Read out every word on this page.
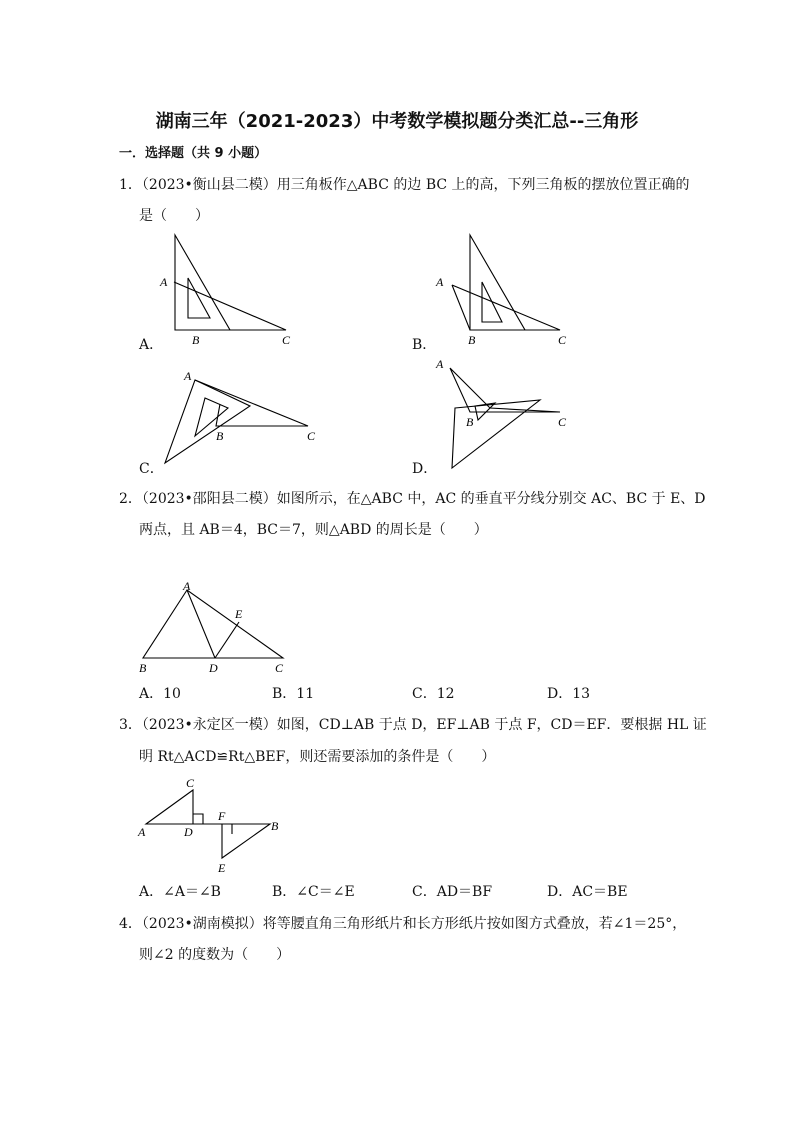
湖南三年（2021-2023）中考数学模拟题分类汇总--三角形
一．选择题（共 9 小题）
1．（2023•衡山县二模）用三角板作△ABC 的边 BC 上的高，下列三角板的摆放位置正确的
是（　　）
A
B	C
A．
A
B	C
B．
A
B	C
C．
A
B	C
D．
2．（2023•邵阳县二模）如图所示，在△ABC 中，AC 的垂直平分线分别交 AC、BC 于 E、D
两点，且 AB＝4，BC＝7，则△ABD 的周长是（　　）
A
B	C
D
E
A．10	B．11	C．12	D．13
3．（2023•永定区一模）如图，CD⊥AB 于点 D，EF⊥AB 于点 F，CD＝EF．要根据 HL 证
明 Rt△ACD≌Rt△BEF，则还需要添加的条件是（　　）
C
A	D
F
B
E
A．∠A＝∠B	B．∠C＝∠E	C．AD＝BF	D．AC＝BE
4．（2023•湖南模拟）将等腰直角三角形纸片和长方形纸片按如图方式叠放，若∠1＝25°，
则∠2 的度数为（　　）
